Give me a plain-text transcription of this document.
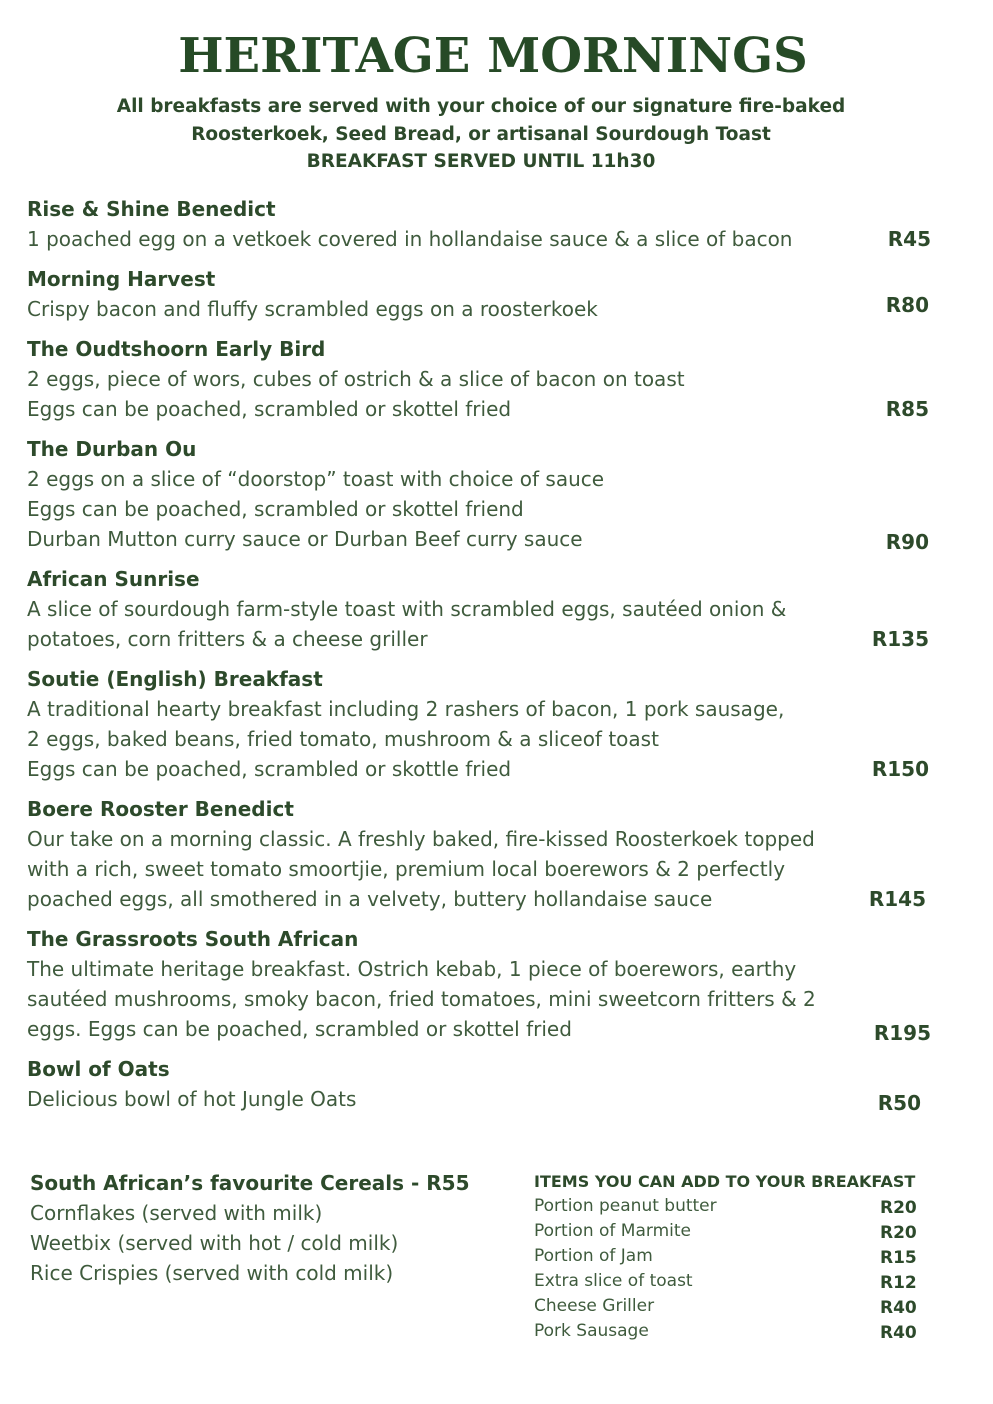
HERITAGE MORNINGS
All breakfasts are served with your choice of our signature fire-baked
Roosterkoek, Seed Bread, or artisanal Sourdough Toast
BREAKFAST SERVED UNTIL 11h30
Rise & Shine Benedict
1 poached egg on a vetkoek covered in hollandaise sauce & a slice of bacon	R45
Morning Harvest
Crispy bacon and fluffy scrambled eggs on a roosterkoek	R80
The Oudtshoorn Early Bird
2 eggs, piece of wors, cubes of ostrich & a slice of bacon on toast
Eggs can be poached, scrambled or skottel fried	R85
The Durban Ou
2 eggs on a slice of “doorstop” toast with choice of sauce
Eggs can be poached, scrambled or skottel friend
Durban Mutton curry sauce or Durban Beef curry sauce	R90
African Sunrise
A slice of sourdough farm-style toast with scrambled eggs, sautéed onion &
potatoes, corn fritters & a cheese griller	R135
Soutie (English) Breakfast
A traditional hearty breakfast including 2 rashers of bacon, 1 pork sausage,
2 eggs, baked beans, fried tomato, mushroom & a sliceof toast
Eggs can be poached, scrambled or skottle fried	R150
Boere Rooster Benedict
Our take on a morning classic. A freshly baked, fire-kissed Roosterkoek topped
with a rich, sweet tomato smoortjie, premium local boerewors & 2 perfectly
poached eggs, all smothered in a velvety, buttery hollandaise sauce	R145
The Grassroots South African
The ultimate heritage breakfast. Ostrich kebab, 1 piece of boerewors, earthy
sautéed mushrooms, smoky bacon, fried tomatoes, mini sweetcorn fritters & 2
eggs. Eggs can be poached, scrambled or skottel fried	R195
Bowl of Oats
Delicious bowl of hot Jungle Oats	R50
South African’s favourite Cereals - R55
Cornflakes (served with milk)
Weetbix (served with hot / cold milk)
Rice Crispies (served with cold milk)
ITEMS YOU CAN ADD TO YOUR BREAKFAST
Portion peanut butter	R20
Portion of Marmite	R20
Portion of Jam	R15
Extra slice of toast	R12
Cheese Griller	R40
Pork Sausage	R40
